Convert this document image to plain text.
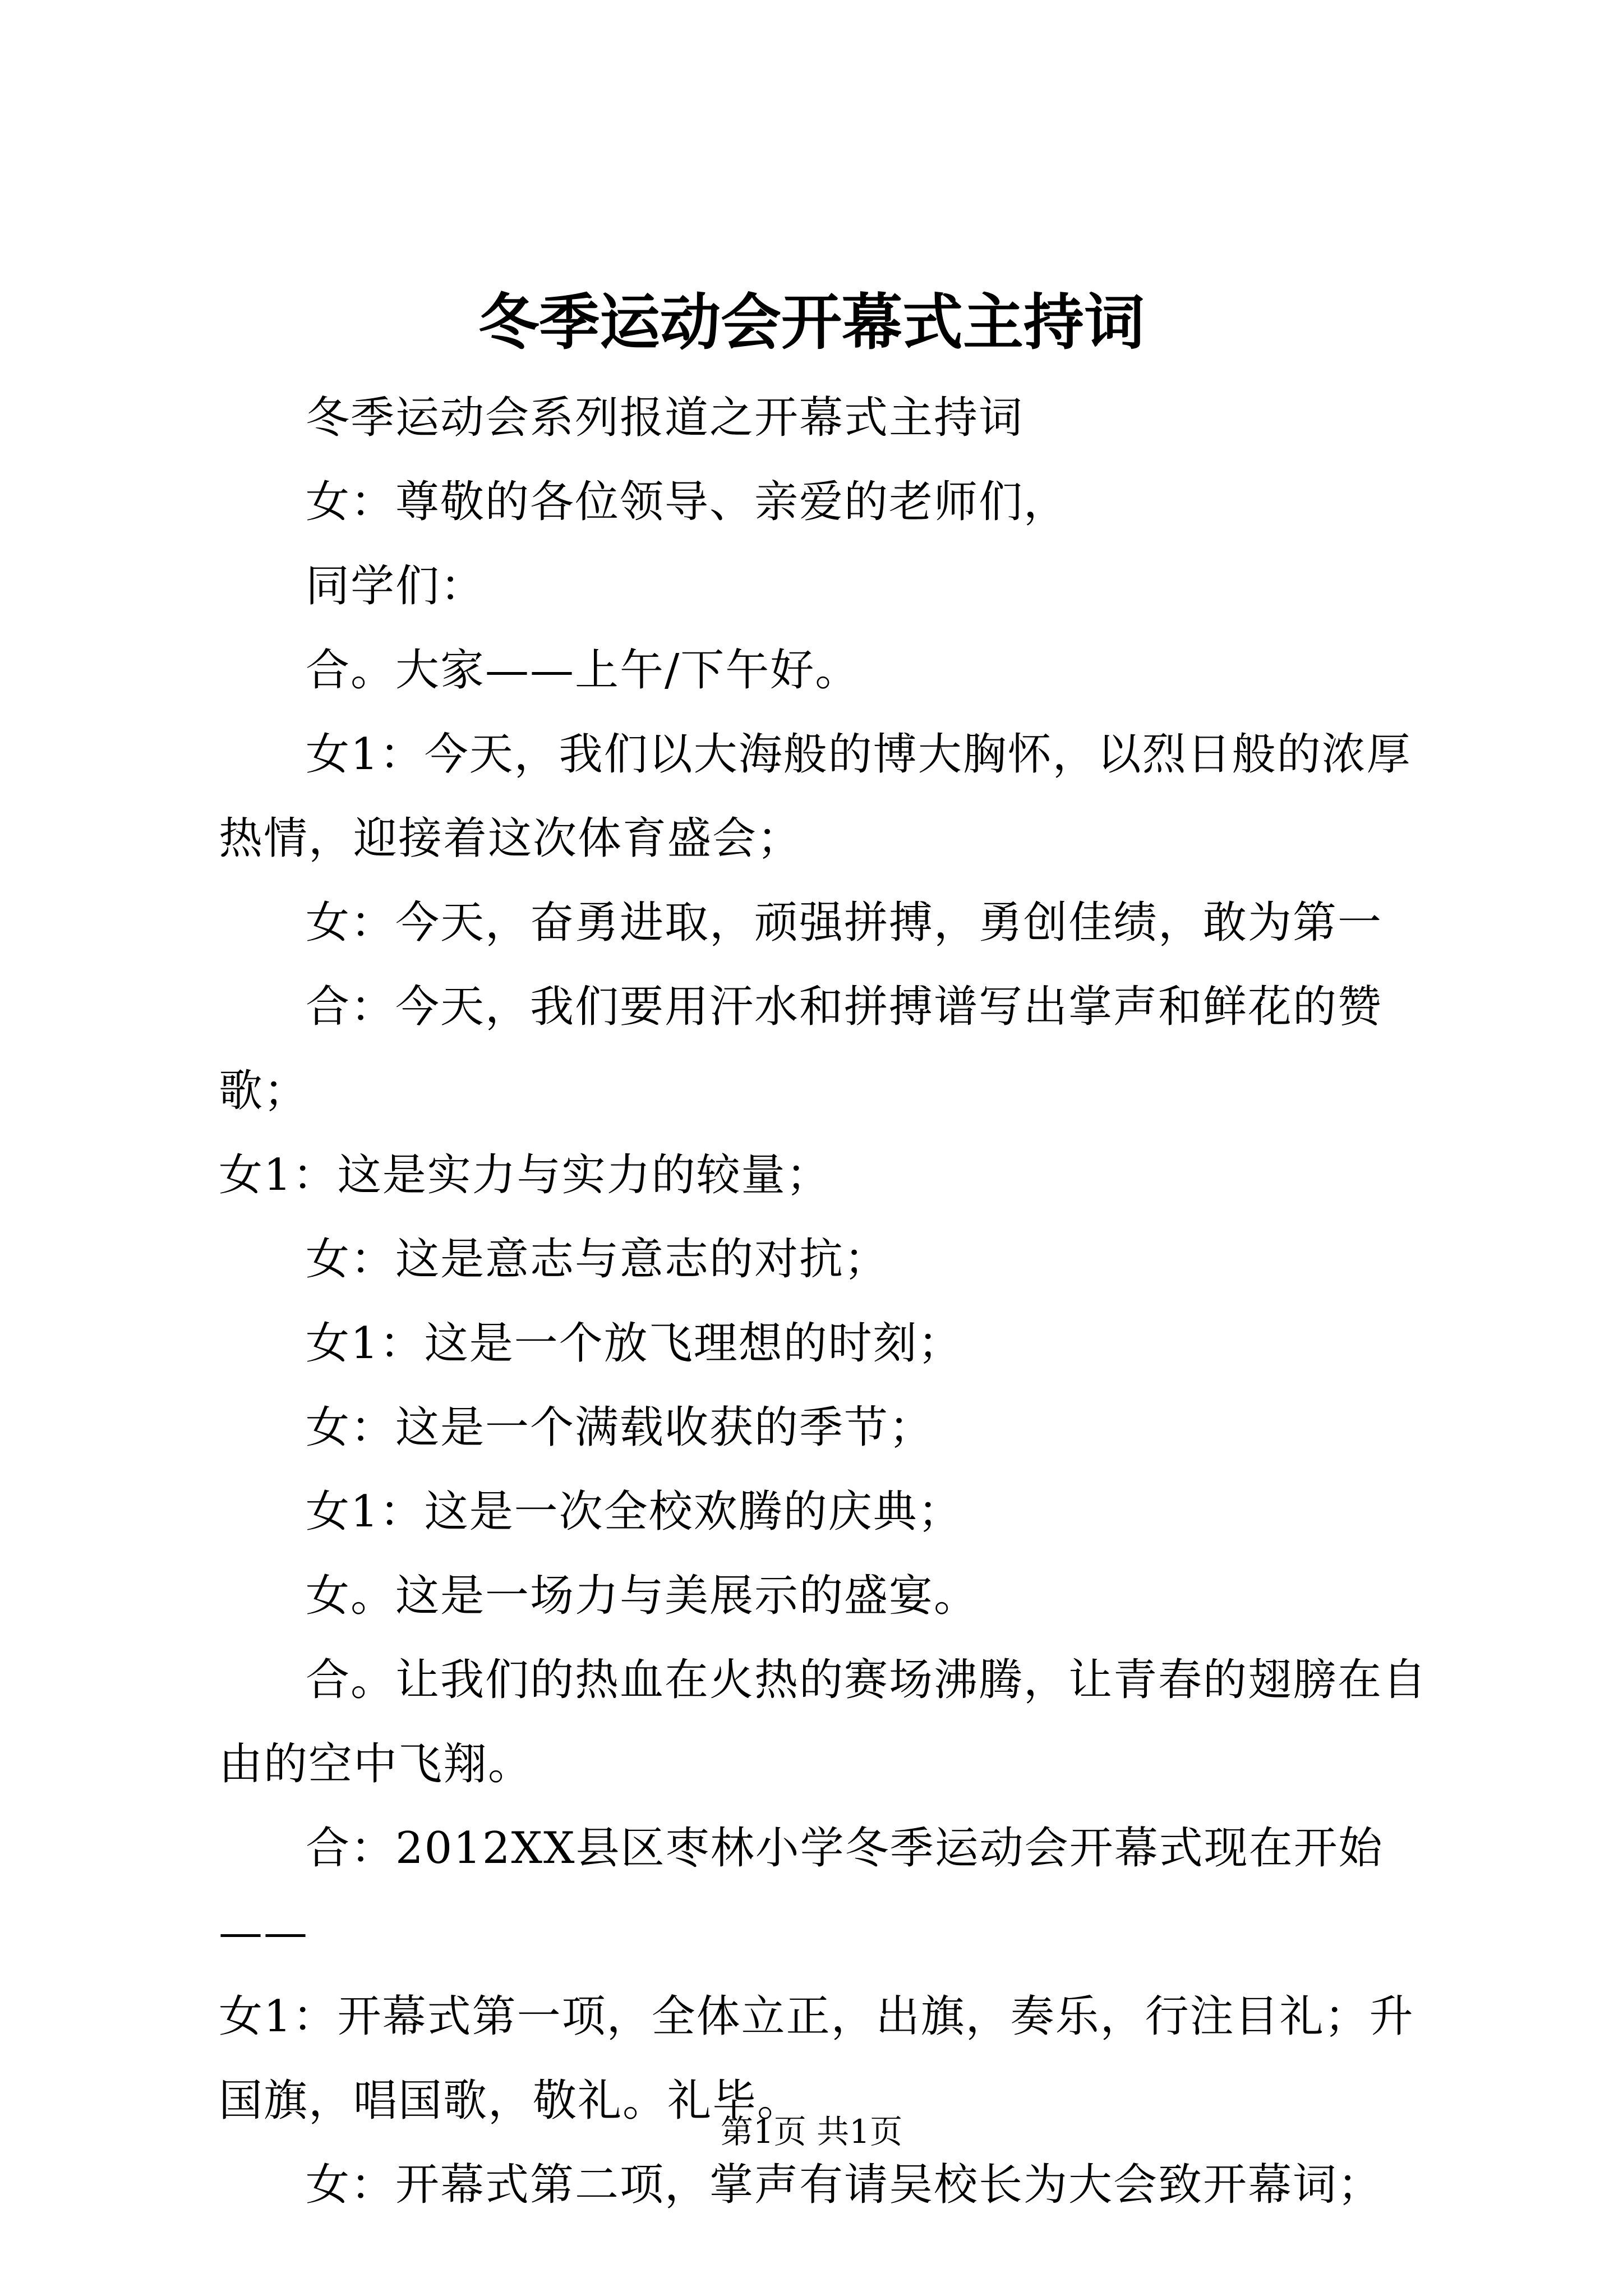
冬季运动会开幕式主持词

冬季运动会系列报道之开幕式主持词

女：尊敬的各位领导、亲爱的老师们，

同学们：

合。大家——上午/下午好。

女1：今天，我们以大海般的博大胸怀，以烈日般的浓厚热情，迎接着这次体育盛会；

女：今天，奋勇进取，顽强拼搏，勇创佳绩，敢为第一

合：今天，我们要用汗水和拼搏谱写出掌声和鲜花的赞歌；

女1：这是实力与实力的较量；

女：这是意志与意志的对抗；

女1：这是一个放飞理想的时刻；

女：这是一个满载收获的季节；

女1：这是一次全校欢腾的庆典；

女。这是一场力与美展示的盛宴。

合。让我们的热血在火热的赛场沸腾，让青春的翅膀在自由的空中飞翔。

合：2012XX县区枣林小学冬季运动会开幕式现在开始——

女1：开幕式第一项，全体立正，出旗，奏乐，行注目礼；升国旗，唱国歌，敬礼。礼毕。

女：开幕式第二项，掌声有请吴校长为大会致开幕词；

第1页 共1页
